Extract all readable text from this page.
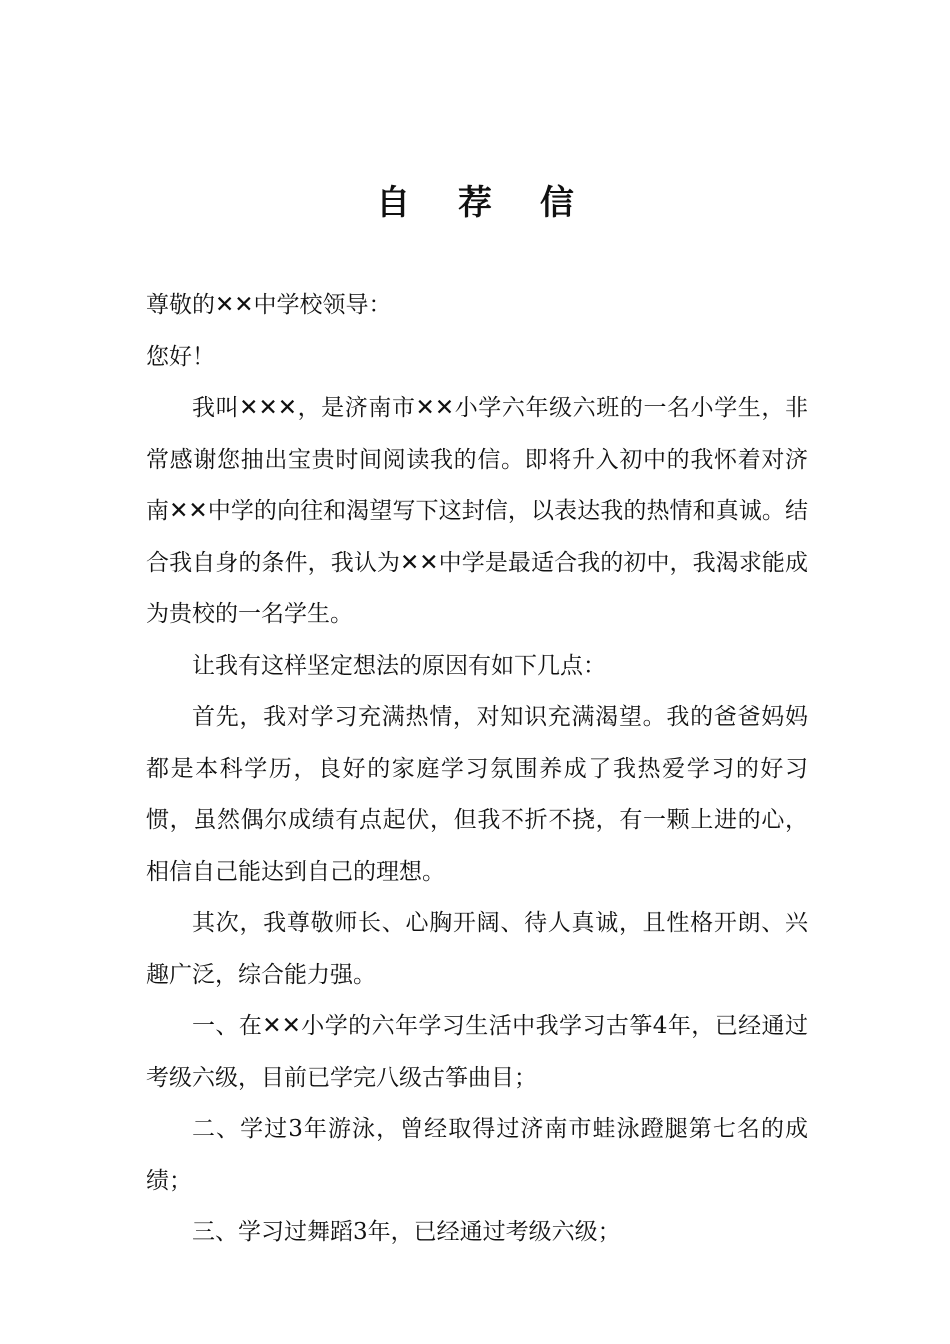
自 荐 信

尊敬的✕✕中学校领导：

您好！

我叫✕✕✕，是济南市✕✕小学六年级六班的一名小学生，非常感谢您抽出宝贵时间阅读我的信。即将升入初中的我怀着对济南✕✕中学的向往和渴望写下这封信，以表达我的热情和真诚。结合我自身的条件，我认为✕✕中学是最适合我的初中，我渴求能成为贵校的一名学生。

让我有这样坚定想法的原因有如下几点：

首先，我对学习充满热情，对知识充满渴望。我的爸爸妈妈都是本科学历，良好的家庭学习氛围养成了我热爱学习的好习惯，虽然偶尔成绩有点起伏，但我不折不挠，有一颗上进的心，相信自己能达到自己的理想。

其次，我尊敬师长、心胸开阔、待人真诚，且性格开朗、兴趣广泛，综合能力强。

一、在✕✕小学的六年学习生活中我学习古筝4年，已经通过考级六级，目前已学完八级古筝曲目；

二、学过3年游泳，曾经取得过济南市蛙泳蹬腿第七名的成绩；

三、学习过舞蹈3年，已经通过考级六级；
